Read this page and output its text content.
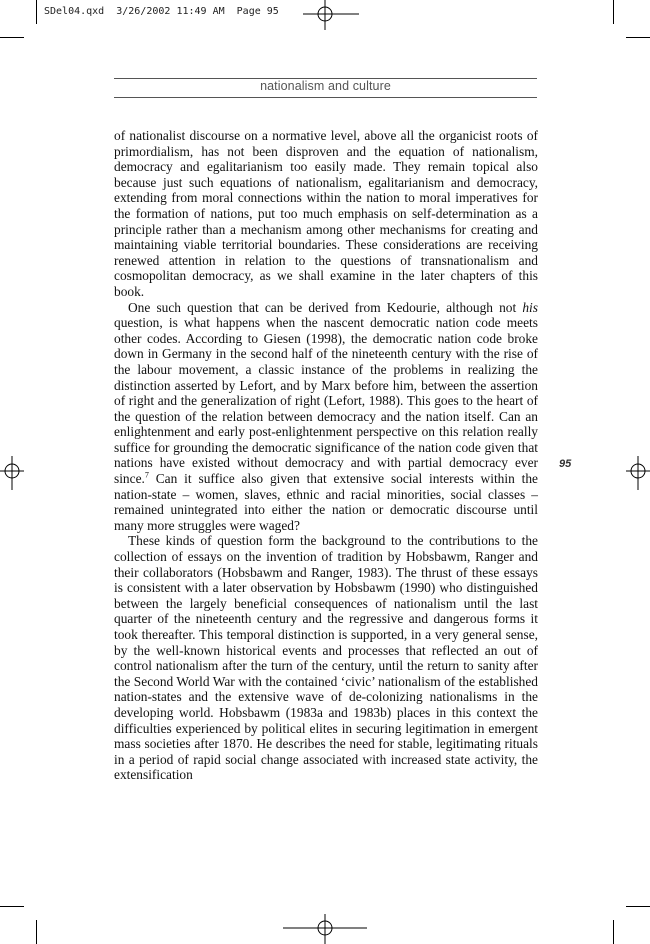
SDel04.qxd  3/26/2002 11:49 AM  Page 95
nationalism and culture
95

of nationalist discourse on a normative level, above all the organicist roots of primordialism, has not been disproven and the equation of nationalism, democracy and egalitarianism too easily made. They remain topical also because just such equations of nationalism, egalitarianism and democracy, extending from moral connections within the nation to moral imperatives for the formation of nations, put too much emphasis on self-determination as a principle rather than a mechanism among other mechanisms for creating and maintaining viable territorial boundaries. These considerations are receiving renewed attention in relation to the questions of transnationalism and cosmopolitan democracy, as we shall examine in the later chapters of this book.

One such question that can be derived from Kedourie, although not his question, is what happens when the nascent democratic nation code meets other codes. According to Giesen (1998), the democratic nation code broke down in Germany in the second half of the nineteenth century with the rise of the labour movement, a classic instance of the problems in realizing the distinction asserted by Lefort, and by Marx before him, between the assertion of right and the generalization of right (Lefort, 1988). This goes to the heart of the question of the relation between democracy and the nation itself. Can an enlightenment and early post-enlightenment perspective on this relation really suffice for grounding the democratic significance of the nation code given that nations have existed without democracy and with partial democracy ever since.$^7$ Can it suffice also given that extensive social interests within the nation-state – women, slaves, ethnic and racial minorities, social classes – remained unintegrated into either the nation or democratic discourse until many more struggles were waged?

These kinds of question form the background to the contributions to the collection of essays on the invention of tradition by Hobsbawm, Ranger and their collaborators (Hobsbawm and Ranger, 1983). The thrust of these essays is consistent with a later observation by Hobsbawm (1990) who distinguished between the largely beneficial consequences of nationalism until the last quarter of the nineteenth century and the regressive and dangerous forms it took thereafter. This temporal distinction is supported, in a very general sense, by the well-known historical events and processes that reflected an out of control nationalism after the turn of the century, until the return to sanity after the Second World War with the contained ‘civic’ nationalism of the established nation-states and the extensive wave of de-colonizing nationalisms in the developing world. Hobsbawm (1983a and 1983b) places in this context the difficulties experienced by political elites in securing legitimation in emergent mass societies after 1870. He describes the need for stable, legitimating rituals in a period of rapid social change associated with increased state activity, the extensification
